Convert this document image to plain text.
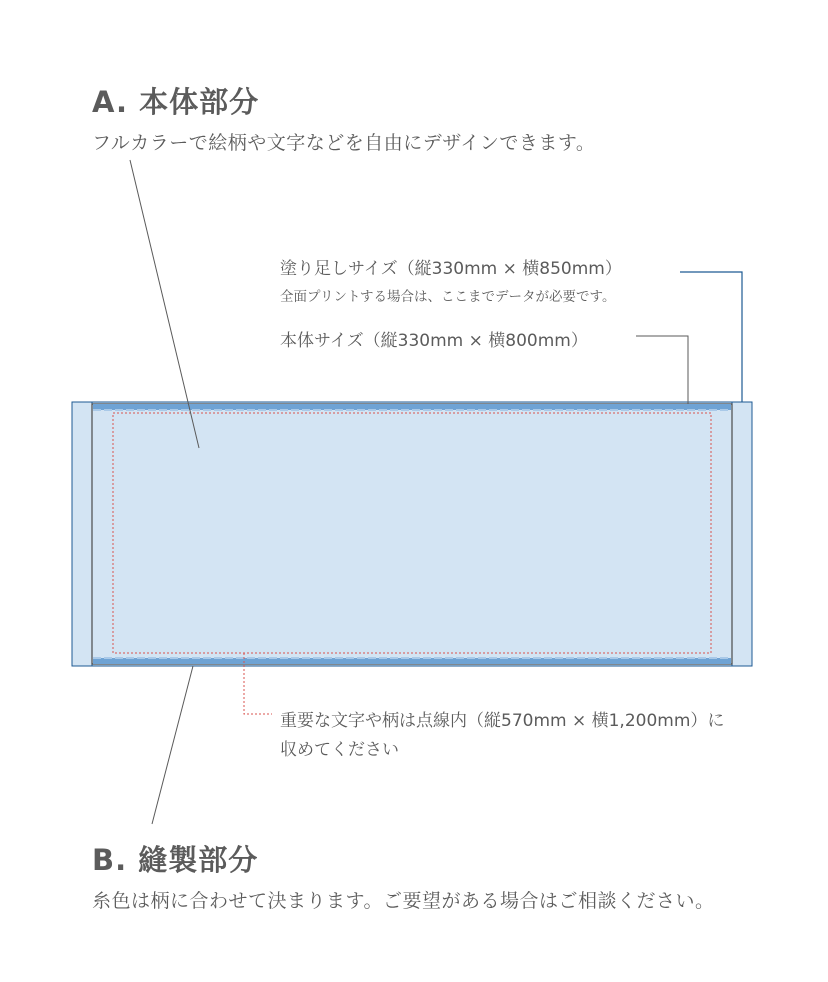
A. 本体部分
フルカラーで絵柄や文字などを自由にデザインできます。
塗り足しサイズ（縦330mm × 横850mm）
全面プリントする場合は、ここまでデータが必要です。
本体サイズ（縦330mm × 横800mm）
重要な文字や柄は点線内（縦570mm × 横1,200mm）に
収めてください
B. 縫製部分
糸色は柄に合わせて決まります。ご要望がある場合はご相談ください。
